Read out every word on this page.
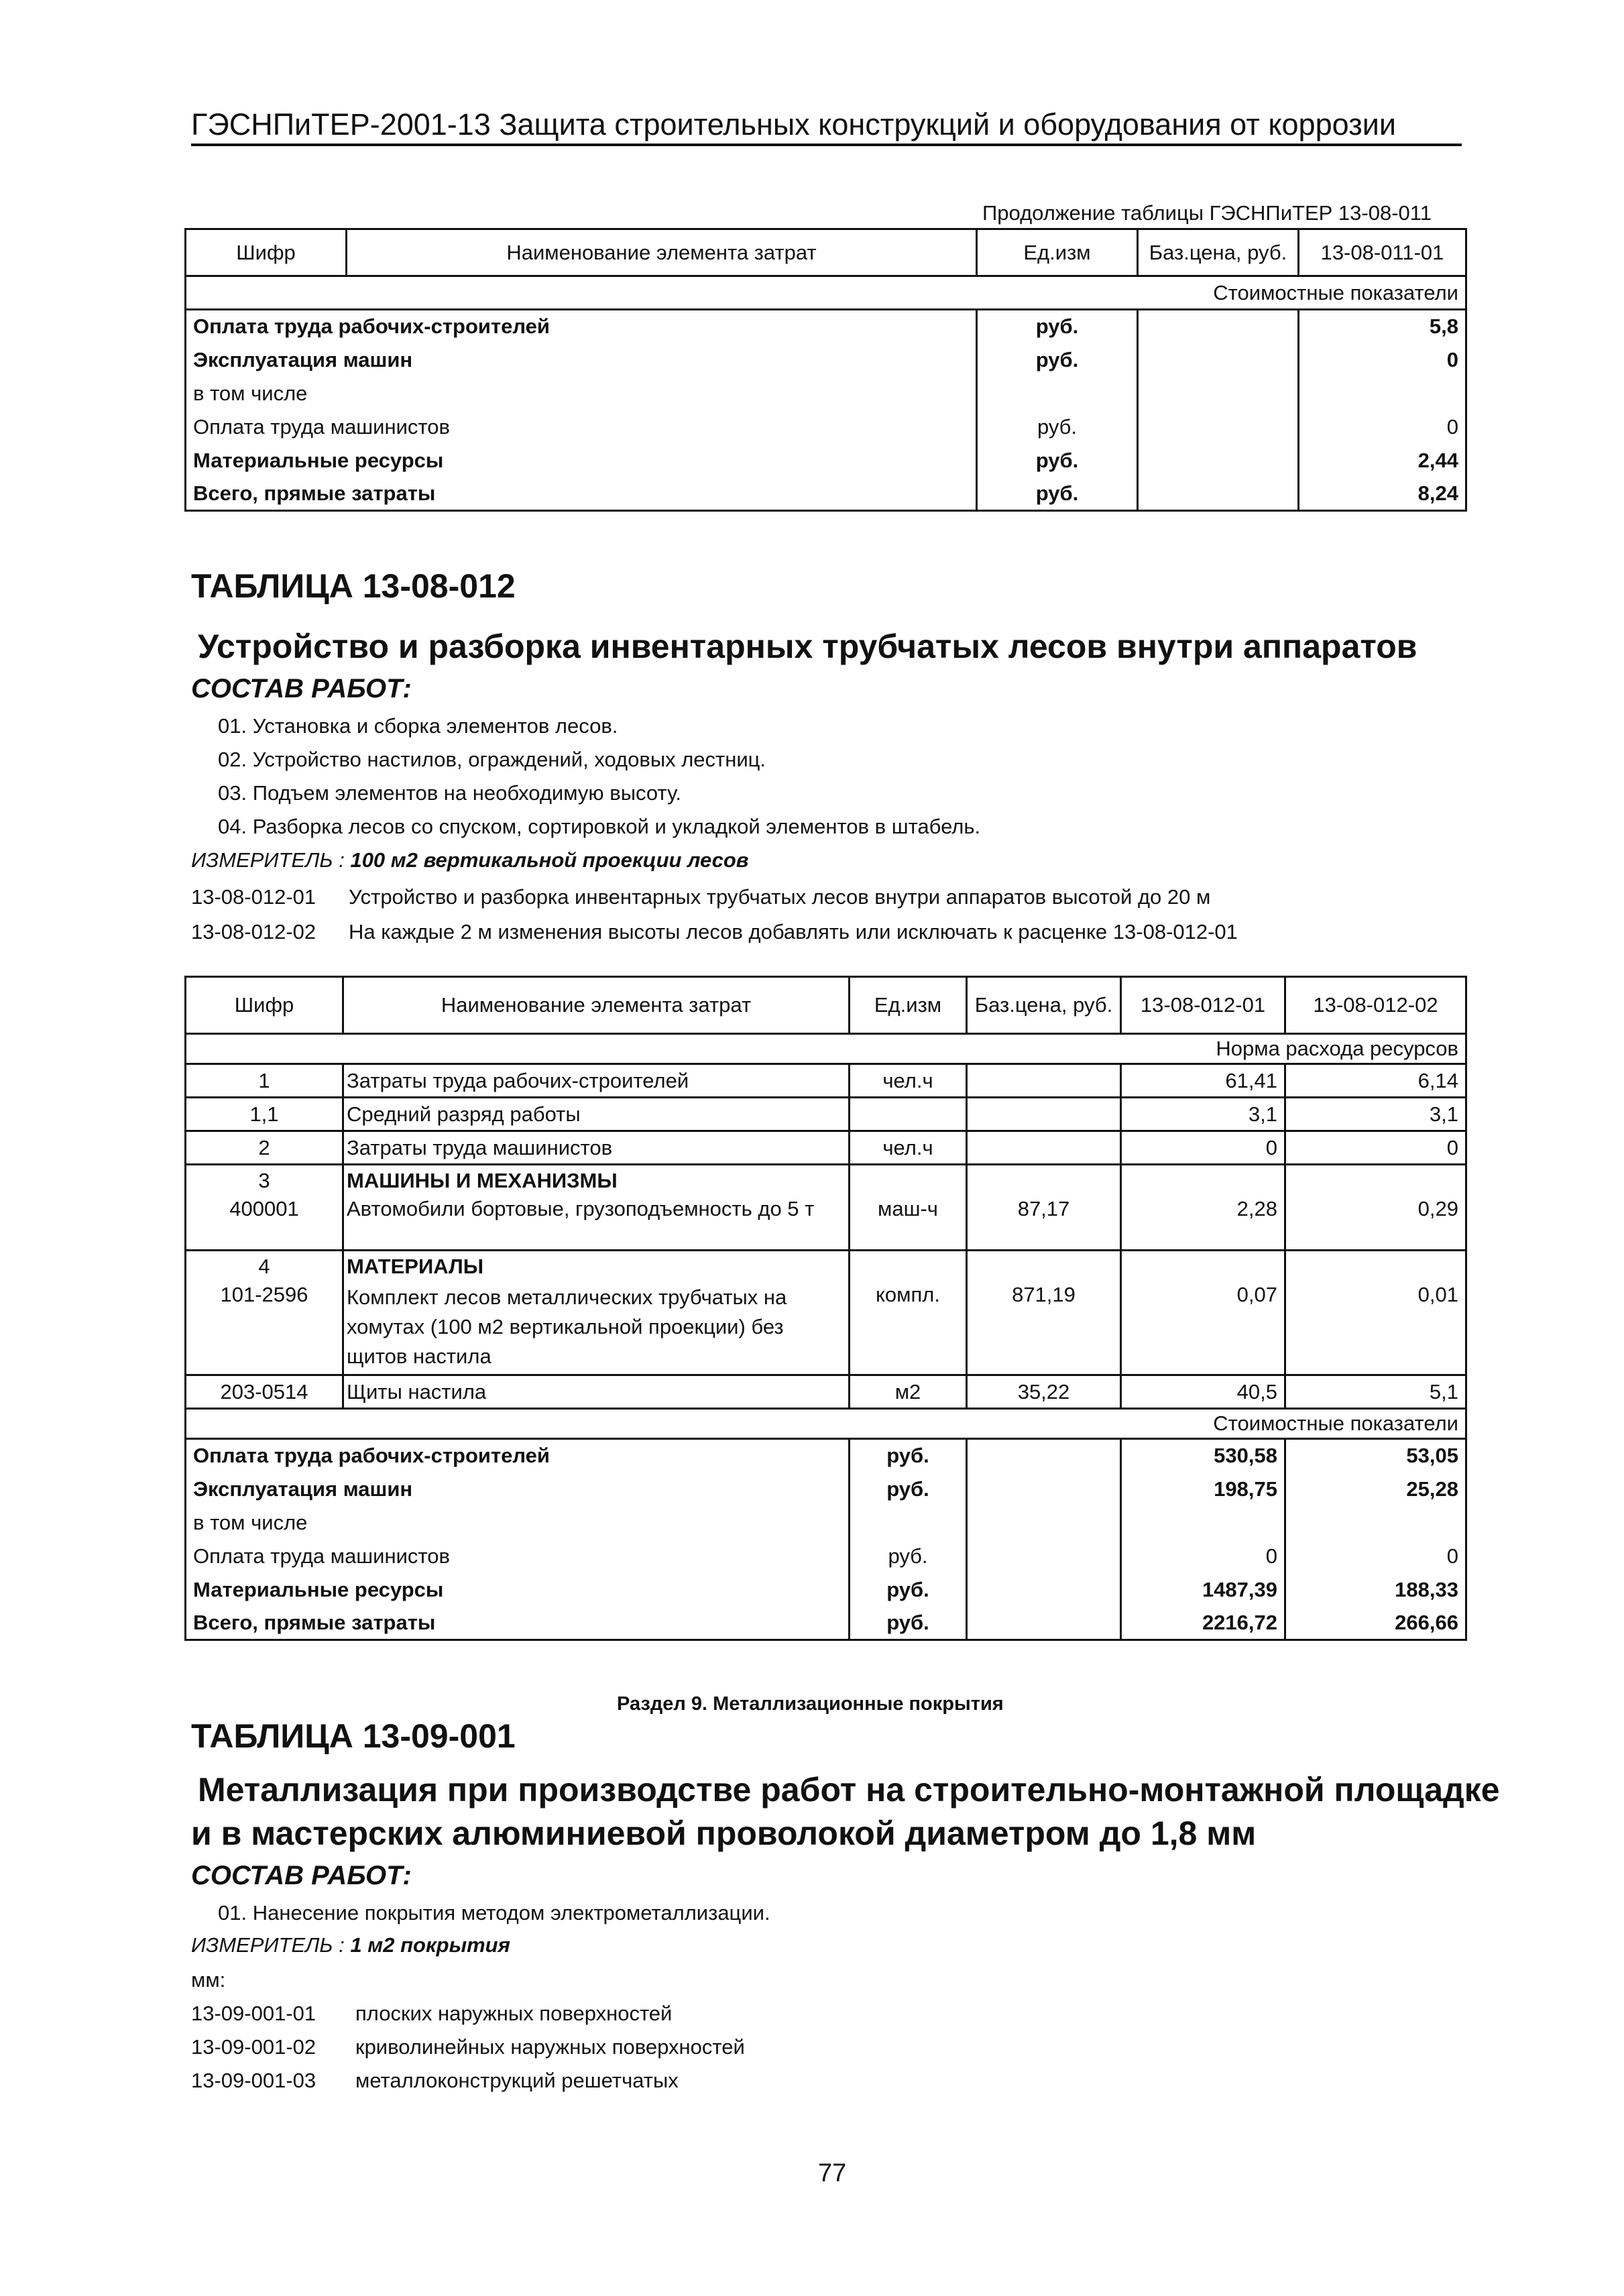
ГЭСНПиТЕР-2001-13 Защита строительных конструкций и оборудования от коррозии
Продолжение таблицы ГЭСНПиТЕР 13-08-011
Шифр	Наименование элемента затрат	Ед.изм	Баз.цена, руб.	13-08-011-01
Стоимостные показатели				
Оплата труда рабочих-строителей		руб.		5,8
Эксплуатация машин		руб.		0
в том числе				
Оплата труда машинистов		руб.		0
Материальные ресурсы		руб.		2,44
Всего, прямые затраты		руб.		8,24
ТАБЛИЦА 13-08-012
Устройство и разборка инвентарных трубчатых лесов внутри аппаратов
СОСТАВ РАБОТ:
01. Установка и сборка элементов лесов.
02. Устройство настилов, ограждений, ходовых лестниц.
03. Подъем элементов на необходимую высоту.
04. Разборка лесов со спуском, сортировкой и укладкой элементов в штабель.
ИЗМЕРИТЕЛЬ : 100 м2 вертикальной проекции лесов
13-08-012-01 Устройство и разборка инвентарных трубчатых лесов внутри аппаратов высотой до 20 м
13-08-012-02 На каждые 2 м изменения высоты лесов добавлять или исключать к расценке 13-08-012-01
Шифр	Наименование элемента затрат	Ед.изм	Баз.цена, руб.	13-08-012-01	13-08-012-02
Норма расхода ресурсов					
1	Затраты труда рабочих-строителей	чел.ч		61,41	6,14
1,1	Средний разряд работы			3,1	3,1
2	Затраты труда машинистов	чел.ч		0	0
3	МАШИНЫ И МЕХАНИЗМЫ				
400001	Автомобили бортовые, грузоподъемность до 5 т	маш-ч	87,17	2,28	0,29
4	МАТЕРИАЛЫ				
101-2596	Комплект лесов металлических трубчатых на
хомутах (100 м2 вертикальной проекции) без
щитов настила	компл.	871,19	0,07	0,01
203-0514	Щиты настила	м2	35,22	40,5	5,1
Стоимостные показатели					
Оплата труда рабочих-строителей		руб.		530,58	53,05
Эксплуатация машин		руб.		198,75	25,28
в том числе					
Оплата труда машинистов		руб.		0	0
Материальные ресурсы		руб.		1487,39	188,33
Всего, прямые затраты		руб.		2216,72	266,66
Раздел 9. Металлизационные покрытия
ТАБЛИЦА 13-09-001
Металлизация при производстве работ на строительно-монтажной площадке
и в мастерских алюминиевой проволокой диаметром до 1,8 мм
СОСТАВ РАБОТ:
01. Нанесение покрытия методом электрометаллизации.
ИЗМЕРИТЕЛЬ : 1 м2 покрытия
мм:
13-09-001-01 плоских наружных поверхностей
13-09-001-02 криволинейных наружных поверхностей
13-09-001-03 металлоконструкций решетчатых
77
